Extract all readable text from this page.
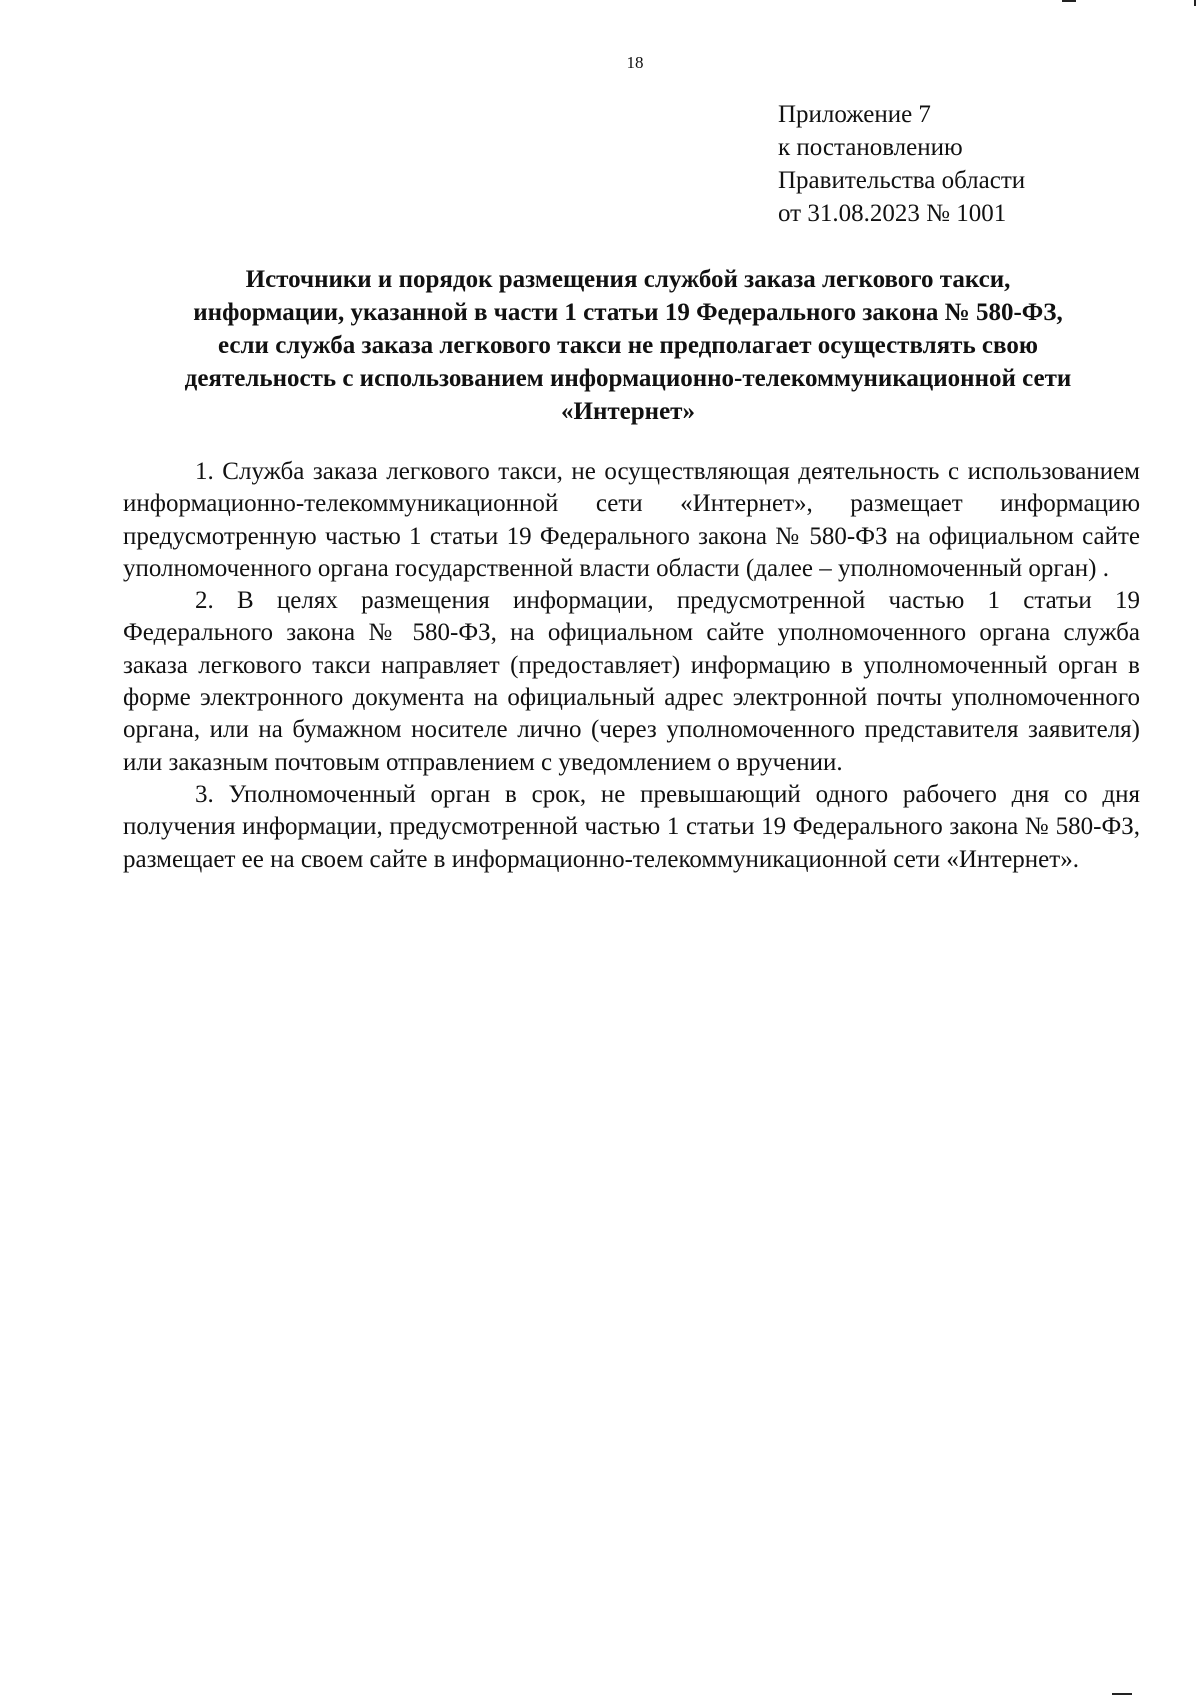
18
Приложение 7
к постановлению
Правительства области
от 31.08.2023 № 1001
Источники и порядок размещения службой заказа легкового такси,
информации, указанной в части 1 статьи 19 Федерального закона № 580-ФЗ,
если служба заказа легкового такси не предполагает осуществлять свою
деятельность с использованием информационно-телекоммуникационной сети
«Интернет»

1. Служба заказа легкового такси, не осуществляющая деятельность с использованием информационно-телекоммуникационной сети «Интернет», размещает информацию предусмотренную частью 1 статьи 19 Федерального закона № 580-ФЗ на официальном сайте уполномоченного органа государственной власти области (далее – уполномоченный орган) .

2. В целях размещения информации, предусмотренной частью 1 статьи 19 Федерального закона № 580-ФЗ, на официальном сайте уполномоченного органа служба заказа легкового такси направляет (предоставляет) информацию в уполномоченный орган в форме электронного документа на официальный адрес электронной почты уполномоченного органа, или на бумажном носителе лично (через уполномоченного представителя заявителя) или заказным почтовым отправлением с уведомлением о вручении.

3. Уполномоченный орган в срок, не превышающий одного рабочего дня со дня получения информации, предусмотренной частью 1 статьи 19 Федерального закона № 580-ФЗ, размещает ее на своем сайте в информационно-телекоммуникационной сети «Интернет».
